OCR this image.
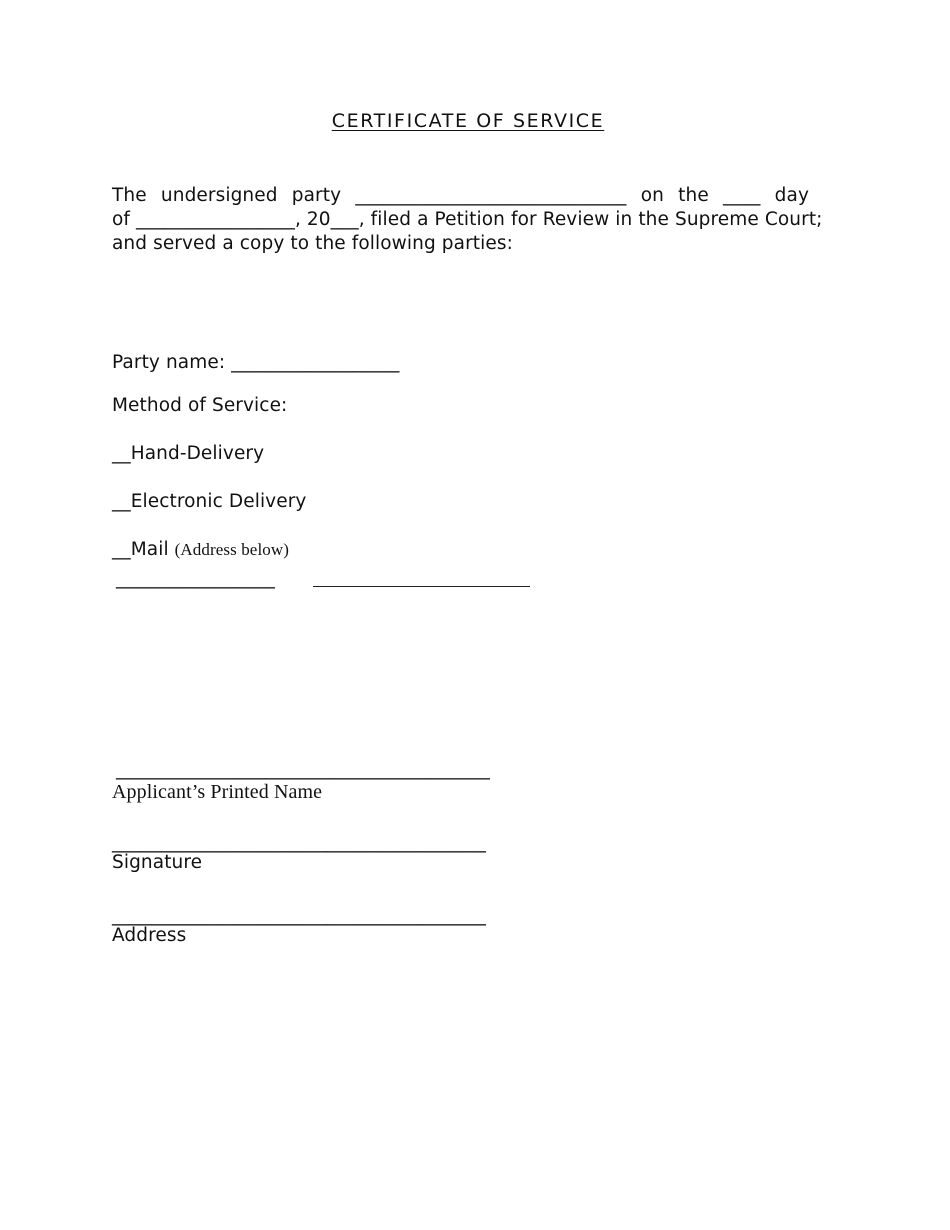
CERTIFICATE OF SERVICE
The undersigned party _____________________________ on the ____ day
of _________________, 20___, filed a Petition for Review in the Supreme Court;
and served a copy to the following parties:
Party name: __________________
Method of Service:
__Hand-Delivery
__Electronic Delivery
__Mail (Address below)
_________________
________________________________________
Applicant’s Printed Name
________________________________________
Signature
________________________________________
Address
